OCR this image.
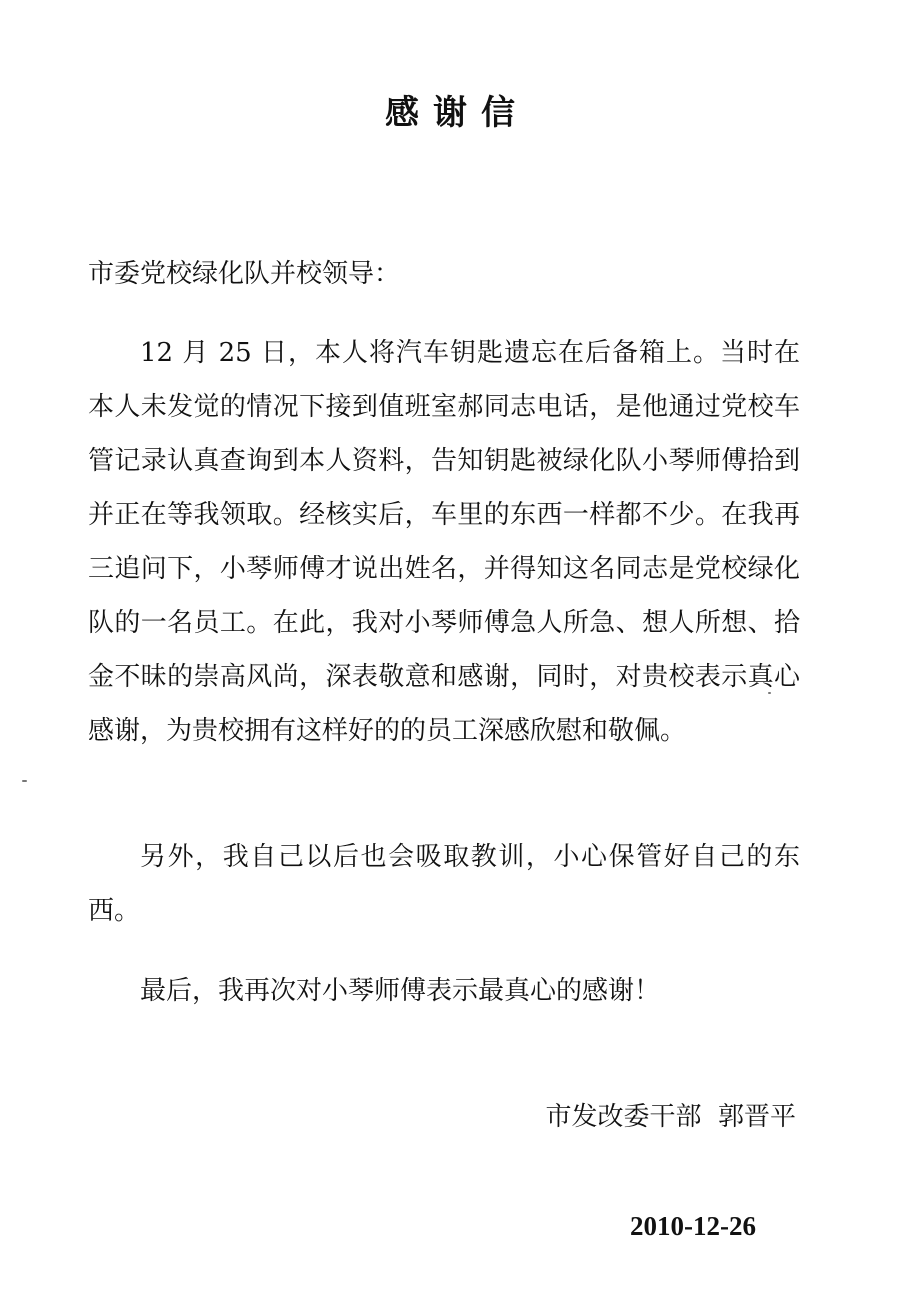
感谢信
市委党校绿化队并校领导：

12 月 25 日，本人将汽车钥匙遗忘在后备箱上。当时在本人未发觉的情况下接到值班室郝同志电话，是他通过党校车管记录认真查询到本人资料，告知钥匙被绿化队小琴师傅拾到并正在等我领取。经核实后，车里的东西一样都不少。在我再三追问下，小琴师傅才说出姓名，并得知这名同志是党校绿化队的一名员工。在此，我对小琴师傅急人所急、想人所想、拾金不昧的崇高风尚，深表敬意和感谢，同时，对贵校表示真心感谢，为贵校拥有这样好的的员工深感欣慰和敬佩。

另外，我自己以后也会吸取教训，小心保管好自己的东西。

最后，我再次对小琴师傅表示最真心的感谢！

市发改委干部  郭晋平
2010-12-26
